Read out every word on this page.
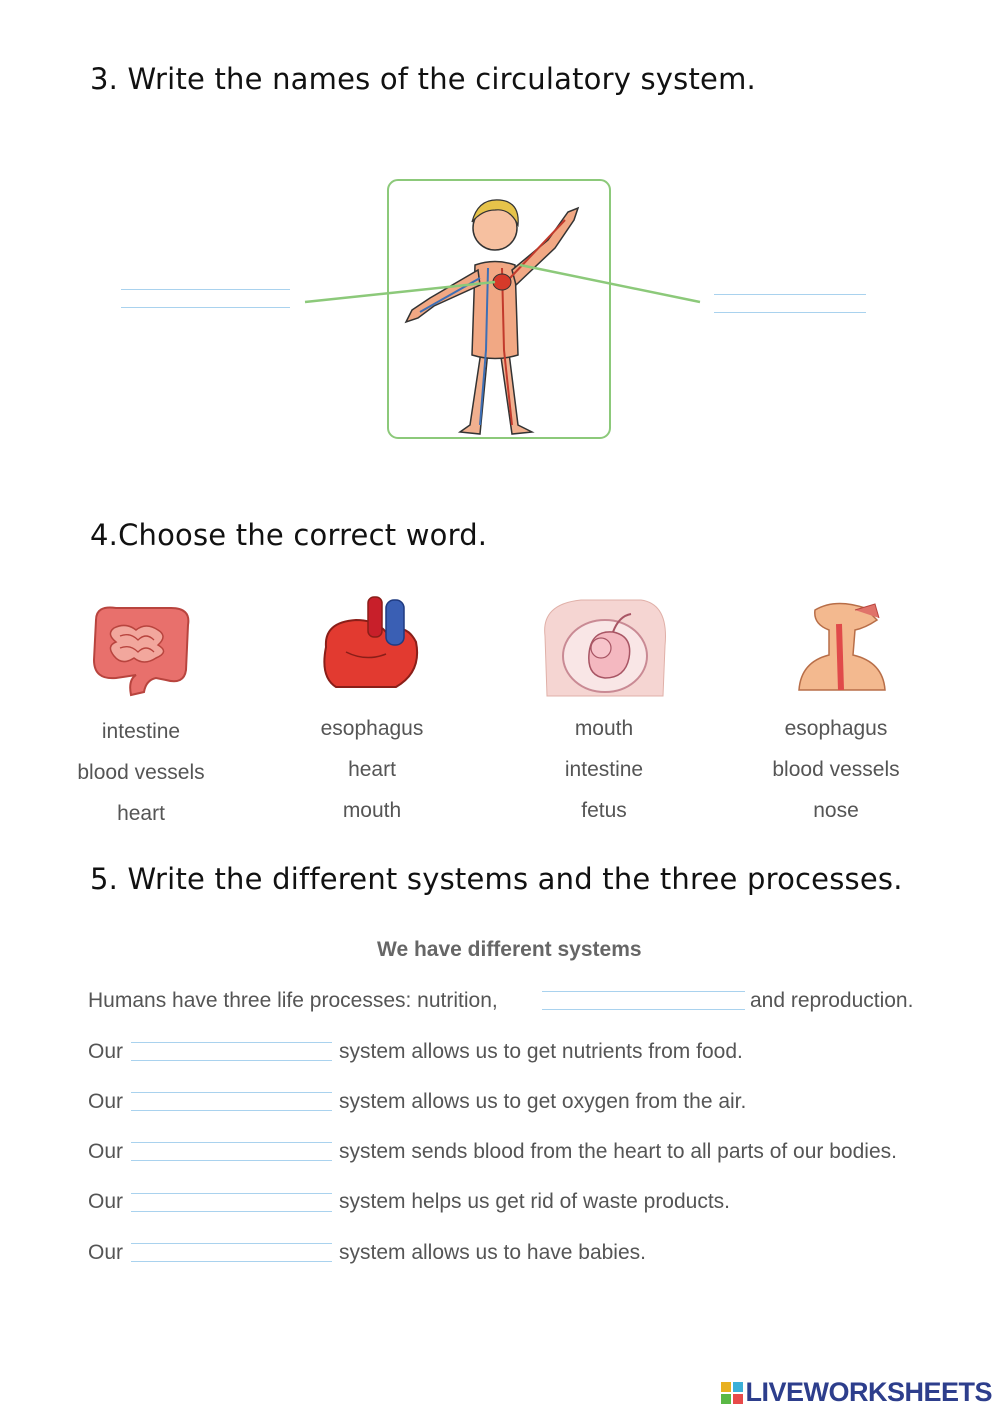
3. Write the names of the circulatory system.
4.Choose the correct word.
intestine
blood vessels
heart
esophagus
heart
mouth
mouth
intestine
fetus
esophagus
blood vessels
nose
5. Write the different systems and the three processes.
We have different systems
Humans have three life processes: nutrition,	and reproduction.
Our	system allows us to get nutrients from food.
Our	system allows us to get oxygen from the air.
Our	system sends blood from the heart to all parts of our bodies.
Our	system helps us get rid of waste products.
Our	system allows us to have babies.
LIVEWORKSHEETS
